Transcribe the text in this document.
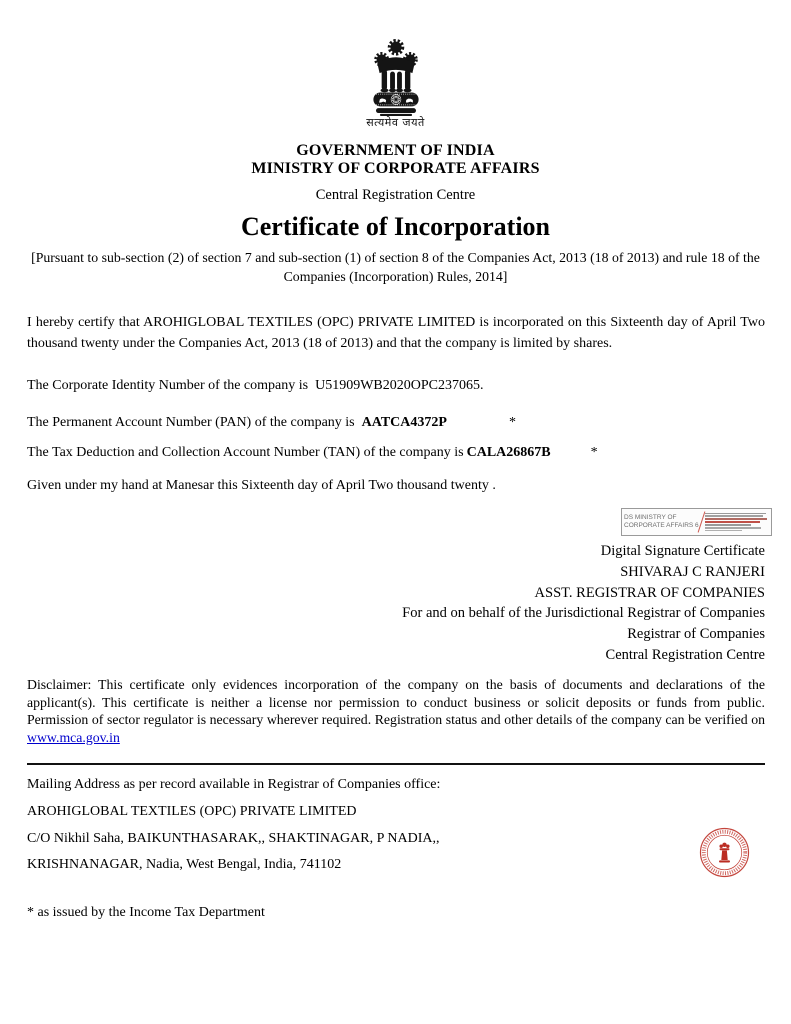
सत्यमेव जयते
GOVERNMENT OF INDIA
MINISTRY OF CORPORATE AFFAIRS
Central Registration Centre
Certificate of Incorporation
[Pursuant to sub-section (2) of section 7 and sub-section (1) of section 8 of the Companies Act, 2013 (18 of 2013) and rule 18 of the Companies (Incorporation) Rules, 2014]

I hereby certify that AROHIGLOBAL TEXTILES (OPC) PRIVATE LIMITED is incorporated on this Sixteenth day of April Two thousand twenty under the Companies Act, 2013 (18 of 2013) and that the company is limited by shares.

The Corporate Identity Number of the company is U51909WB2020OPC237065.

The Permanent Account Number (PAN) of the company is AATCA4372P	*

The Tax Deduction and Collection Account Number (TAN) of the company is CALA26867B	*

Given under my hand at Manesar this Sixteenth day of April Two thousand twenty .

DS MINISTRY OF
CORPORATE AFFAIRS 6
Digital Signature Certificate
SHIVARAJ C RANJERI
ASST. REGISTRAR OF COMPANIES
For and on behalf of the Jurisdictional Registrar of Companies
Registrar of Companies
Central Registration Centre

Disclaimer: This certificate only evidences incorporation of the company on the basis of documents and declarations of the applicant(s). This certificate is neither a license nor permission to conduct business or solicit deposits or funds from public. Permission of sector regulator is necessary wherever required. Registration status and other details of the company can be verified on www.mca.gov.in

Mailing Address as per record available in Registrar of Companies office:

AROHIGLOBAL TEXTILES (OPC) PRIVATE LIMITED

C/O Nikhil Saha, BAIKUNTHASARAK,, SHAKTINAGAR, P NADIA,,

KRISHNANAGAR, Nadia, West Bengal, India, 741102

* as issued by the Income Tax Department
